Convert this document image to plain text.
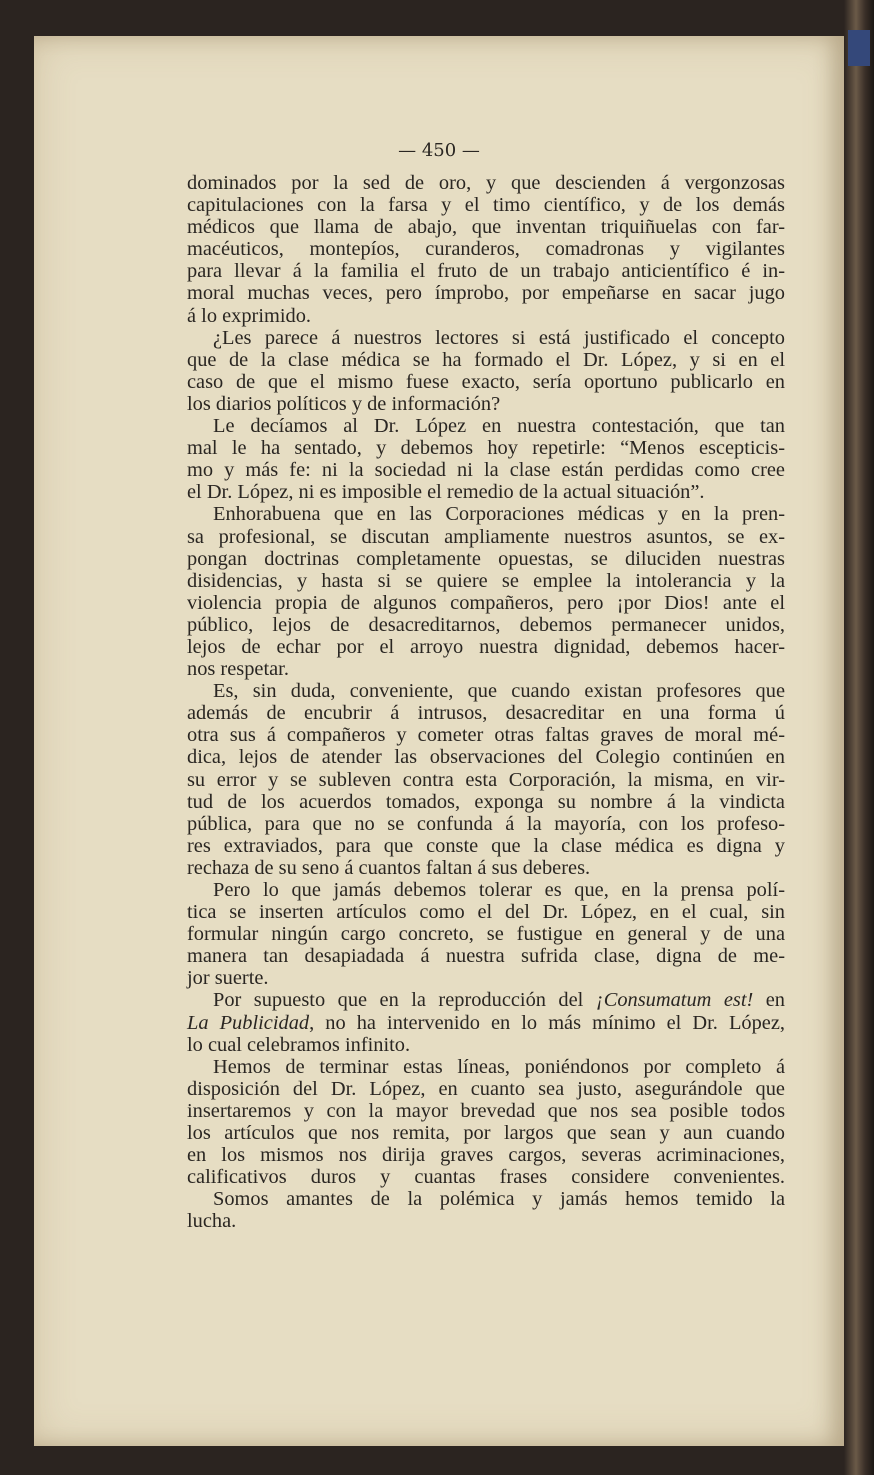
— 450 —
dominados por la sed de oro, y que descienden á vergonzosas
capitulaciones con la farsa y el timo científico, y de los demás
médicos que llama de abajo, que inventan triquiñuelas con far-
macéuticos, montepíos, curanderos, comadronas y vigilantes
para llevar á la familia el fruto de un trabajo anticientífico é in-
moral muchas veces, pero ímprobo, por empeñarse en sacar jugo
á lo exprimido.
¿Les parece á nuestros lectores si está justificado el concepto
que de la clase médica se ha formado el Dr. López, y si en el
caso de que el mismo fuese exacto, sería oportuno publicarlo en
los diarios políticos y de información?
Le decíamos al Dr. López en nuestra contestación, que tan
mal le ha sentado, y debemos hoy repetirle: “Menos escepticis-
mo y más fe: ni la sociedad ni la clase están perdidas como cree
el Dr. López, ni es imposible el remedio de la actual situación”.
Enhorabuena que en las Corporaciones médicas y en la pren-
sa profesional, se discutan ampliamente nuestros asuntos, se ex-
pongan doctrinas completamente opuestas, se diluciden nuestras
disidencias, y hasta si se quiere se emplee la intolerancia y la
violencia propia de algunos compañeros, pero ¡por Dios! ante el
público, lejos de desacreditarnos, debemos permanecer unidos,
lejos de echar por el arroyo nuestra dignidad, debemos hacer-
nos respetar.
Es, sin duda, conveniente, que cuando existan profesores que
además de encubrir á intrusos, desacreditar en una forma ú
otra sus á compañeros y cometer otras faltas graves de moral mé-
dica, lejos de atender las observaciones del Colegio continúen en
su error y se subleven contra esta Corporación, la misma, en vir-
tud de los acuerdos tomados, exponga su nombre á la vindicta
pública, para que no se confunda á la mayoría, con los profeso-
res extraviados, para que conste que la clase médica es digna y
rechaza de su seno á cuantos faltan á sus deberes.
Pero lo que jamás debemos tolerar es que, en la prensa polí-
tica se inserten artículos como el del Dr. López, en el cual, sin
formular ningún cargo concreto, se fustigue en general y de una
manera tan desapiadada á nuestra sufrida clase, digna de me-
jor suerte.
Por supuesto que en la reproducción del ¡Consumatum est! en
La Publicidad, no ha intervenido en lo más mínimo el Dr. López,
lo cual celebramos infinito.
Hemos de terminar estas líneas, poniéndonos por completo á
disposición del Dr. López, en cuanto sea justo, asegurándole que
insertaremos y con la mayor brevedad que nos sea posible todos
los artículos que nos remita, por largos que sean y aun cuando
en los mismos nos dirija graves cargos, severas acriminaciones,
calificativos duros y cuantas frases considere convenientes.
Somos amantes de la polémica y jamás hemos temido la
lucha.
